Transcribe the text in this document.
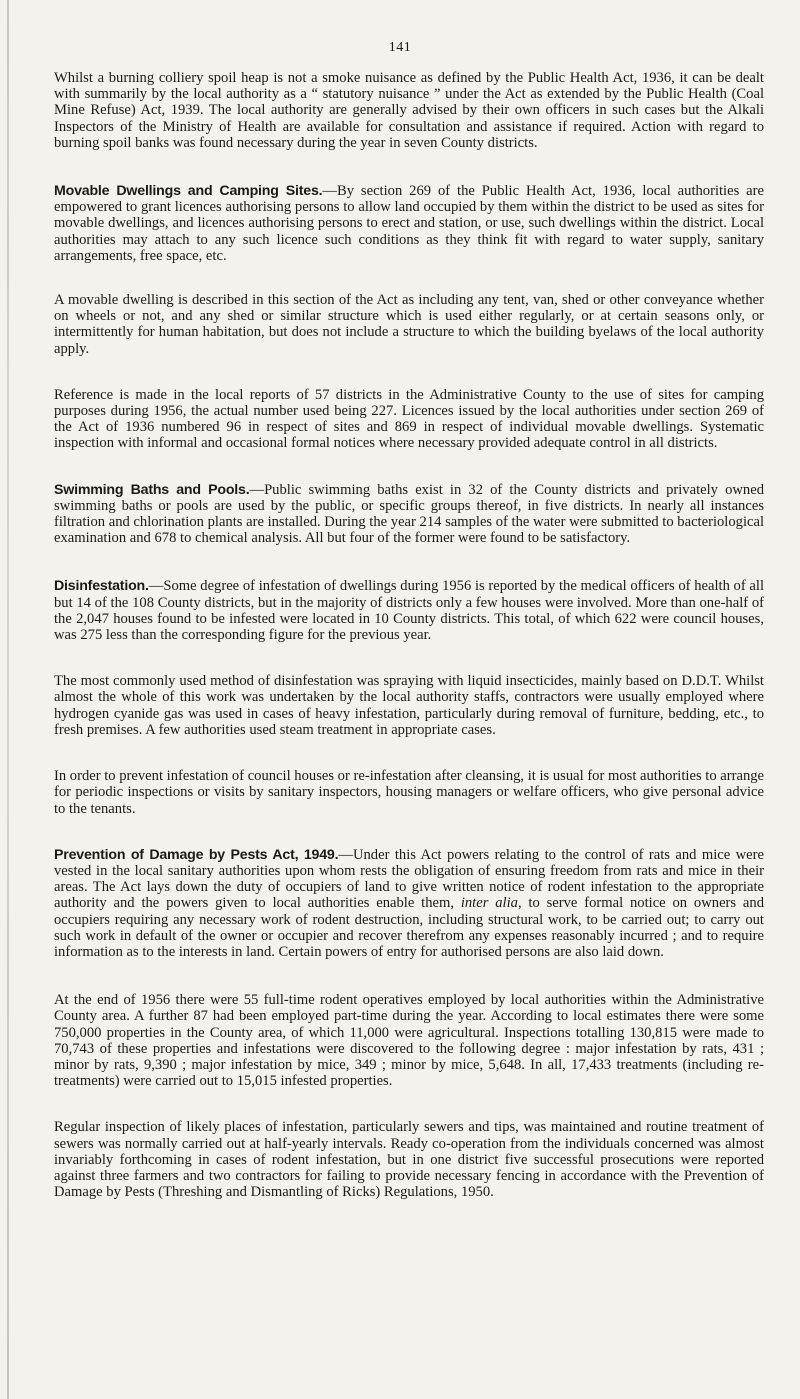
141

Whilst a burning colliery spoil heap is not a smoke nuisance as defined by the Public Health Act, 1936, it can be dealt with summarily by the local authority as a “ statutory nuisance ” under the Act as extended by the Public Health (Coal Mine Refuse) Act, 1939. The local authority are generally advised by their own officers in such cases but the Alkali Inspectors of the Ministry of Health are available for consultation and assistance if required. Action with regard to burning spoil banks was found necessary during the year in seven County districts.

Movable Dwellings and Camping Sites.—By section 269 of the Public Health Act, 1936, local authorities are empowered to grant licences authorising persons to allow land occupied by them within the district to be used as sites for movable dwellings, and licences authorising persons to erect and station, or use, such dwellings within the district. Local authorities may attach to any such licence such conditions as they think fit with regard to water supply, sanitary arrangements, free space, etc.

A movable dwelling is described in this section of the Act as including any tent, van, shed or other conveyance whether on wheels or not, and any shed or similar structure which is used either regularly, or at certain seasons only, or intermittently for human habitation, but does not include a structure to which the building byelaws of the local authority apply.

Reference is made in the local reports of 57 districts in the Administrative County to the use of sites for camping purposes during 1956, the actual number used being 227. Licences issued by the local authorities under section 269 of the Act of 1936 numbered 96 in respect of sites and 869 in respect of individual movable dwellings. Systematic inspection with informal and occasional formal notices where necessary provided adequate control in all districts.

Swimming Baths and Pools.—Public swimming baths exist in 32 of the County districts and privately owned swimming baths or pools are used by the public, or specific groups thereof, in five districts. In nearly all instances filtration and chlorination plants are installed. During the year 214 samples of the water were submitted to bacteriological examination and 678 to chemical analysis. All but four of the former were found to be satisfactory.

Disinfestation.—Some degree of infestation of dwellings during 1956 is reported by the medical officers of health of all but 14 of the 108 County districts, but in the majority of districts only a few houses were involved. More than one-half of the 2,047 houses found to be infested were located in 10 County districts. This total, of which 622 were council houses, was 275 less than the corresponding figure for the previous year.

The most commonly used method of disinfestation was spraying with liquid insecticides, mainly based on D.D.T. Whilst almost the whole of this work was undertaken by the local authority staffs, contractors were usually employed where hydrogen cyanide gas was used in cases of heavy infestation, particularly during removal of furniture, bedding, etc., to fresh premises. A few authorities used steam treatment in appropriate cases.

In order to prevent infestation of council houses or re-infestation after cleansing, it is usual for most authorities to arrange for periodic inspections or visits by sanitary inspectors, housing managers or welfare officers, who give personal advice to the tenants.

Prevention of Damage by Pests Act, 1949.—Under this Act powers relating to the control of rats and mice were vested in the local sanitary authorities upon whom rests the obligation of ensuring freedom from rats and mice in their areas. The Act lays down the duty of occupiers of land to give written notice of rodent infestation to the appropriate authority and the powers given to local authorities enable them, inter alia, to serve formal notice on owners and occupiers requiring any necessary work of rodent destruction, including structural work, to be carried out; to carry out such work in default of the owner or occupier and recover therefrom any expenses reasonably incurred ; and to require information as to the interests in land. Certain powers of entry for authorised persons are also laid down.

At the end of 1956 there were 55 full-time rodent operatives employed by local authorities within the Administrative County area. A further 87 had been employed part-time during the year. According to local estimates there were some 750,000 properties in the County area, of which 11,000 were agricultural. Inspections totalling 130,815 were made to 70,743 of these properties and infestations were discovered to the following degree : major infestation by rats, 431 ; minor by rats, 9,390 ; major infestation by mice, 349 ; minor by mice, 5,648. In all, 17,433 treatments (including re-treatments) were carried out to 15,015 infested properties.

Regular inspection of likely places of infestation, particularly sewers and tips, was maintained and routine treatment of sewers was normally carried out at half-yearly intervals. Ready co-operation from the individuals concerned was almost invariably forthcoming in cases of rodent infestation, but in one district five successful prosecutions were reported against three farmers and two contractors for failing to provide necessary fencing in accordance with the Prevention of Damage by Pests (Threshing and Dismantling of Ricks) Regulations, 1950.
